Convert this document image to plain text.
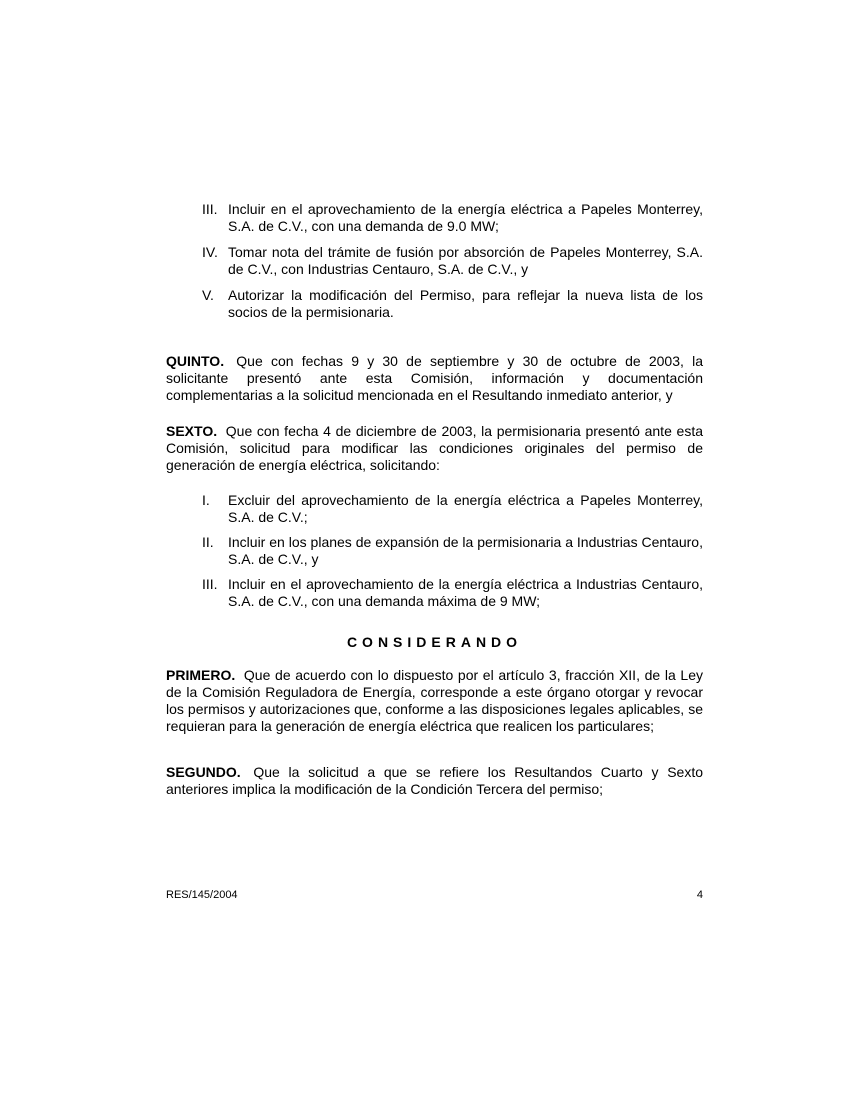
III. Incluir en el aprovechamiento de la energía eléctrica a Papeles Monterrey, S.A. de C.V., con una demanda de 9.0 MW;
IV. Tomar nota del trámite de fusión por absorción de Papeles Monterrey, S.A. de C.V., con Industrias Centauro, S.A. de C.V., y
V.	Autorizar la modificación del Permiso, para reflejar la nueva lista de los socios de la permisionaria.

QUINTO. Que con fechas 9 y 30 de septiembre y 30 de octubre de 2003, la solicitante presentó ante esta Comisión, información y documentación complementarias a la solicitud mencionada en el Resultando inmediato anterior, y

SEXTO. Que con fecha 4 de diciembre de 2003, la permisionaria presentó ante esta Comisión, solicitud para modificar las condiciones originales del permiso de generación de energía eléctrica, solicitando:

I.	Excluir del aprovechamiento de la energía eléctrica a Papeles Monterrey, S.A. de C.V.;
II.	Incluir en los planes de expansión de la permisionaria a Industrias Centauro, S.A. de C.V., y
III. Incluir en el aprovechamiento de la energía eléctrica a Industrias Centauro, S.A. de C.V., con una demanda máxima de 9 MW;
CONSIDERANDO

PRIMERO. Que de acuerdo con lo dispuesto por el artículo 3, fracción XII, de la Ley de la Comisión Reguladora de Energía, corresponde a este órgano otorgar y revocar los permisos y autorizaciones que, conforme a las disposiciones legales aplicables, se requieran para la generación de energía eléctrica que realicen los particulares;

SEGUNDO. Que la solicitud a que se refiere los Resultandos Cuarto y Sexto anteriores implica la modificación de la Condición Tercera del permiso;

RES/145/2004	4
